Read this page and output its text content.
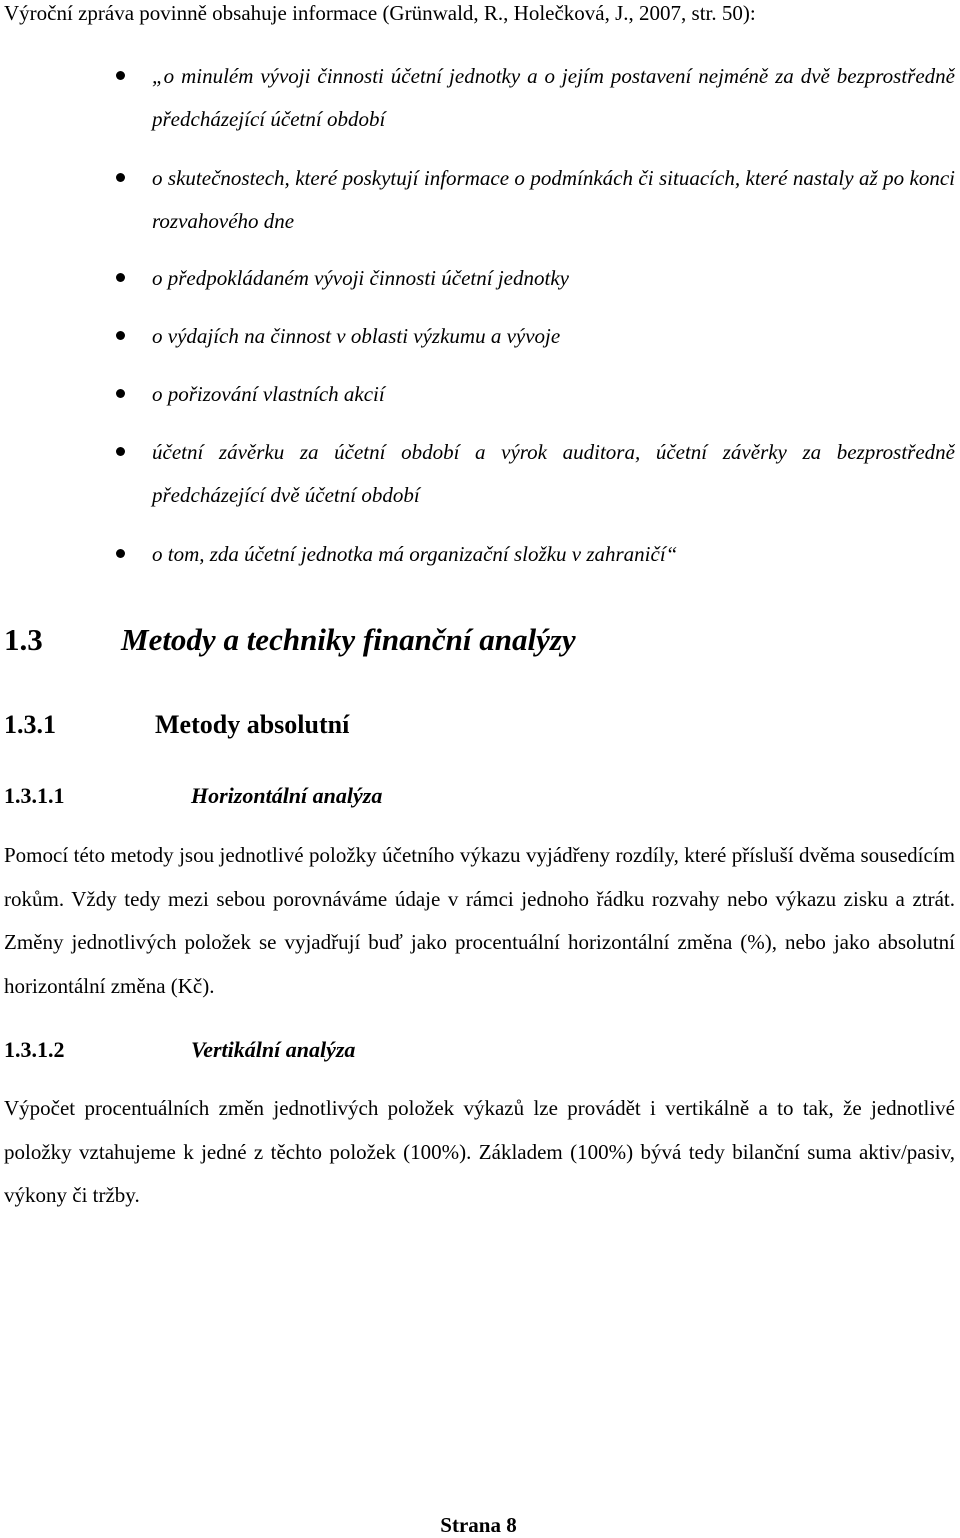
Výroční zpráva povinně obsahuje informace (Grünwald, R., Holečková, J., 2007, str. 50):

„o minulém vývoji činnosti účetní jednotky a o jejím postavení nejméně za dvě bezprostředně předcházející účetní období
o skutečnostech, které poskytují informace o podmínkách či situacích, které nastaly až po konci rozvahového dne
o předpokládaném vývoji činnosti účetní jednotky
o výdajích na činnost v oblasti výzkumu a vývoje
o pořizování vlastních akcií
účetní závěrku za účetní období a výrok auditora, účetní závěrky za bezprostředně předcházející dvě účetní období
o tom, zda účetní jednotka má organizační složku v zahraničí“
1.3	Metody a techniky finanční analýzy
1.3.1	Metody absolutní
1.3.1.1	Horizontální analýza

Pomocí této metody jsou jednotlivé položky účetního výkazu vyjádřeny rozdíly, které přísluší dvěma sousedícím rokům. Vždy tedy mezi sebou porovnáváme údaje v rámci jednoho řádku rozvahy nebo výkazu zisku a ztrát. Změny jednotlivých položek se vyjadřují buď jako procentuální horizontální změna (%), nebo jako absolutní horizontální změna (Kč).

1.3.1.2	Vertikální analýza

Výpočet procentuálních změn jednotlivých položek výkazů lze provádět i vertikálně a to tak, že jednotlivé položky vztahujeme k jedné z těchto položek (100%). Základem (100%) bývá tedy bilanční suma aktiv/pasiv, výkony či tržby.

Strana 8
